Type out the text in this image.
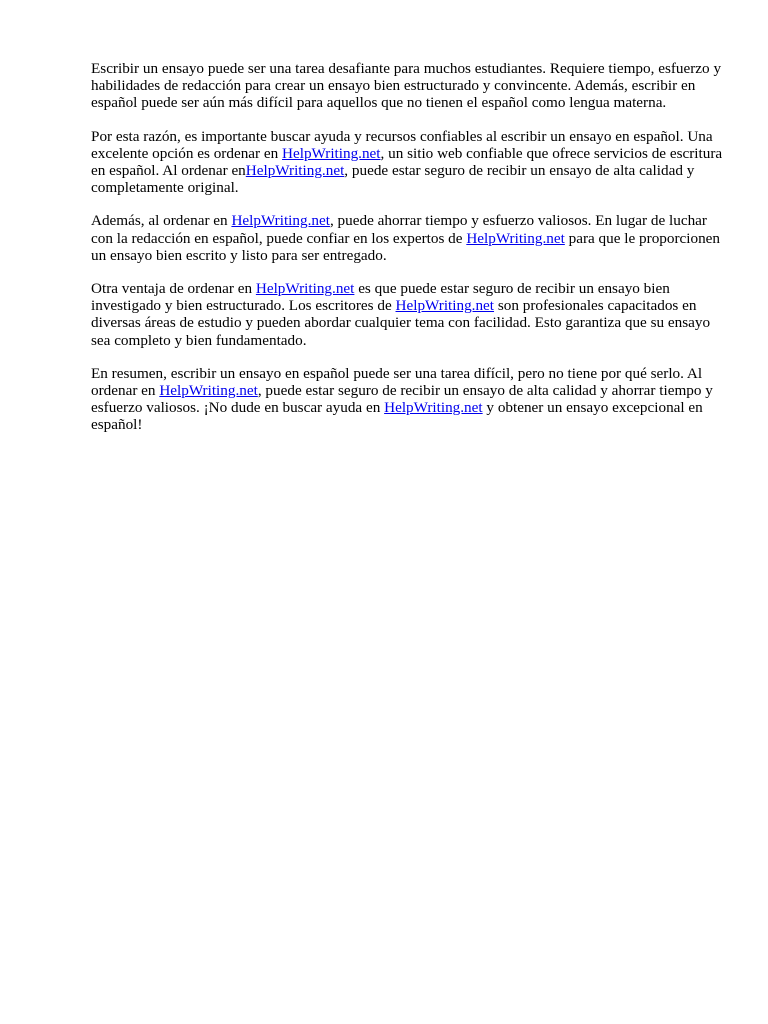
Escribir un ensayo puede ser una tarea desafiante para muchos estudiantes. Requiere tiempo, esfuerzo y habilidades de redacción para crear un ensayo bien estructurado y convincente. Además, escribir en español puede ser aún más difícil para aquellos que no tienen el español como lengua materna.

Por esta razón, es importante buscar ayuda y recursos confiables al escribir un ensayo en español. Una excelente opción es ordenar en HelpWriting.net, un sitio web confiable que ofrece servicios de escritura en español. Al ordenar enHelpWriting.net, puede estar seguro de recibir un ensayo de alta calidad y completamente original.

Además, al ordenar en HelpWriting.net, puede ahorrar tiempo y esfuerzo valiosos. En lugar de luchar con la redacción en español, puede confiar en los expertos de HelpWriting.net para que le proporcionen un ensayo bien escrito y listo para ser entregado.

Otra ventaja de ordenar en HelpWriting.net es que puede estar seguro de recibir un ensayo bien investigado y bien estructurado. Los escritores de HelpWriting.net son profesionales capacitados en diversas áreas de estudio y pueden abordar cualquier tema con facilidad. Esto garantiza que su ensayo sea completo y bien fundamentado.

En resumen, escribir un ensayo en español puede ser una tarea difícil, pero no tiene por qué serlo. Al ordenar en HelpWriting.net, puede estar seguro de recibir un ensayo de alta calidad y ahorrar tiempo y esfuerzo valiosos. ¡No dude en buscar ayuda en HelpWriting.net y obtener un ensayo excepcional en español!
